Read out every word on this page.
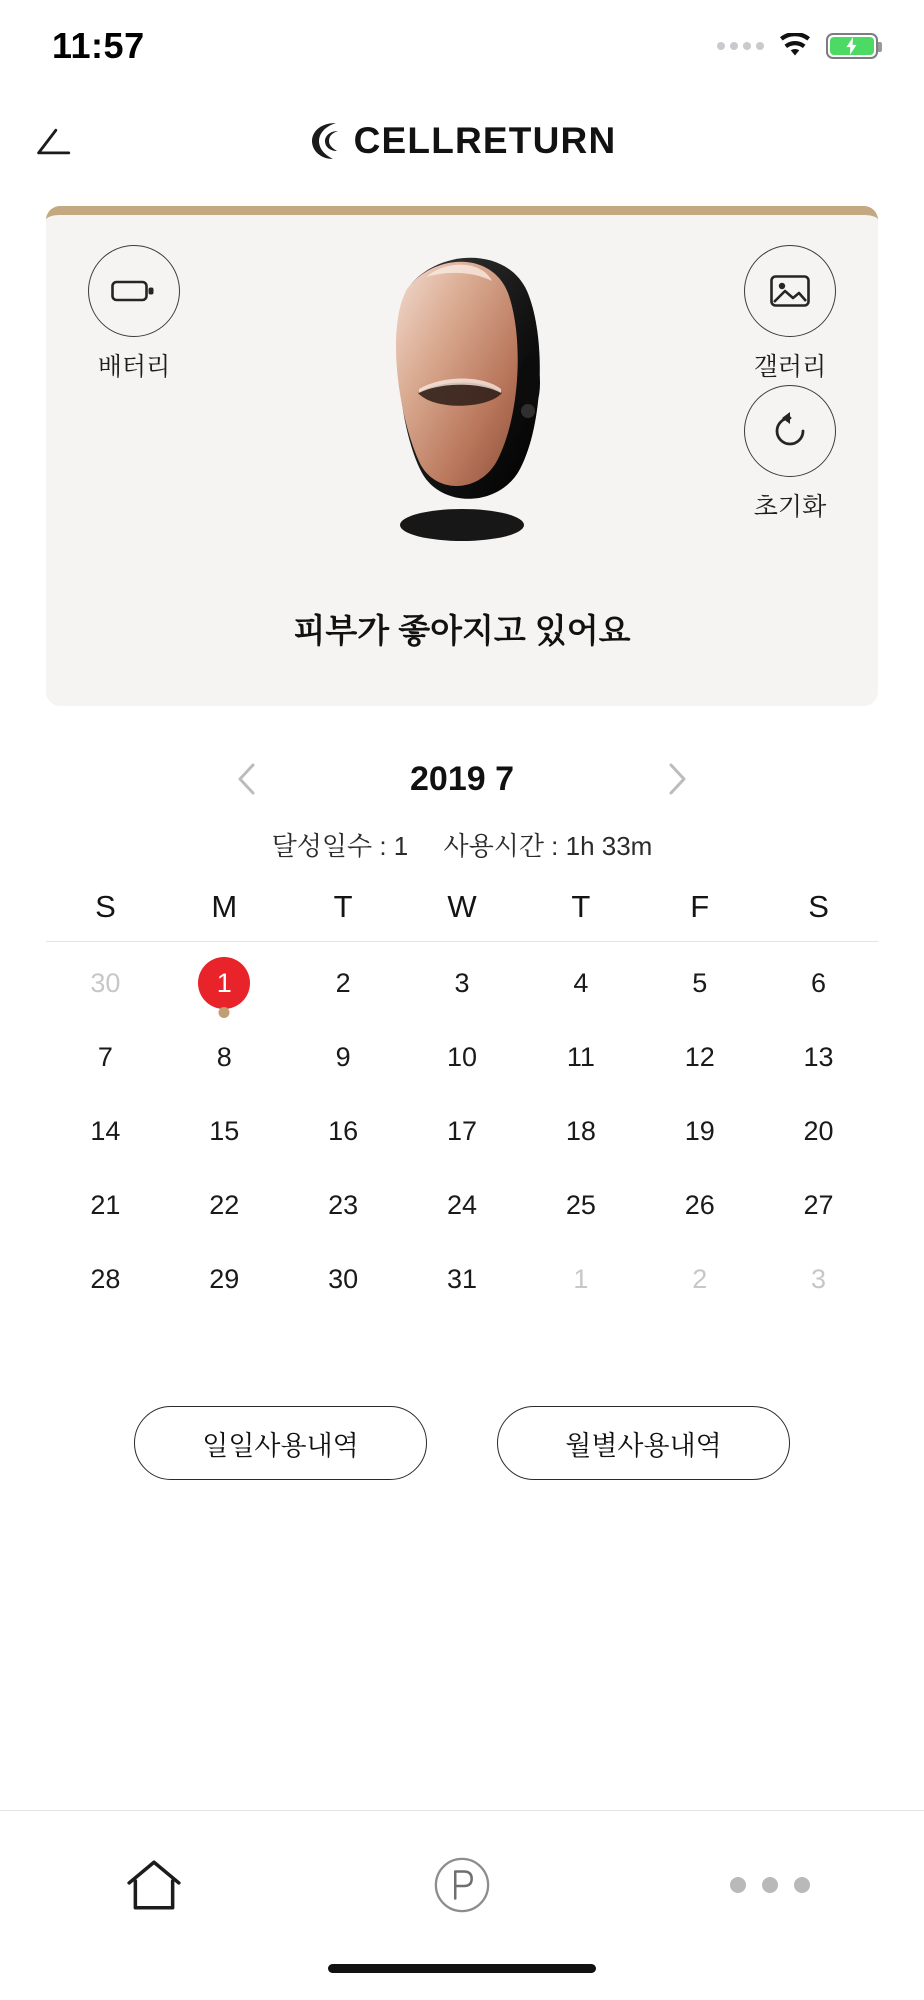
11:57
CELLRETURN
배터리	갤러리
초기화
피부가 좋아지고 있어요
2019 7
달성일수 : 1 사용시간 : 1h 33m
S	M	T	W	T	F	S
30	1	2	3	4	5	6
7	8	9	10	11	12	13
14	15	16	17	18	19	20
21	22	23	24	25	26	27
28	29	30	31	1	2	3
일일사용내역	월별사용내역
